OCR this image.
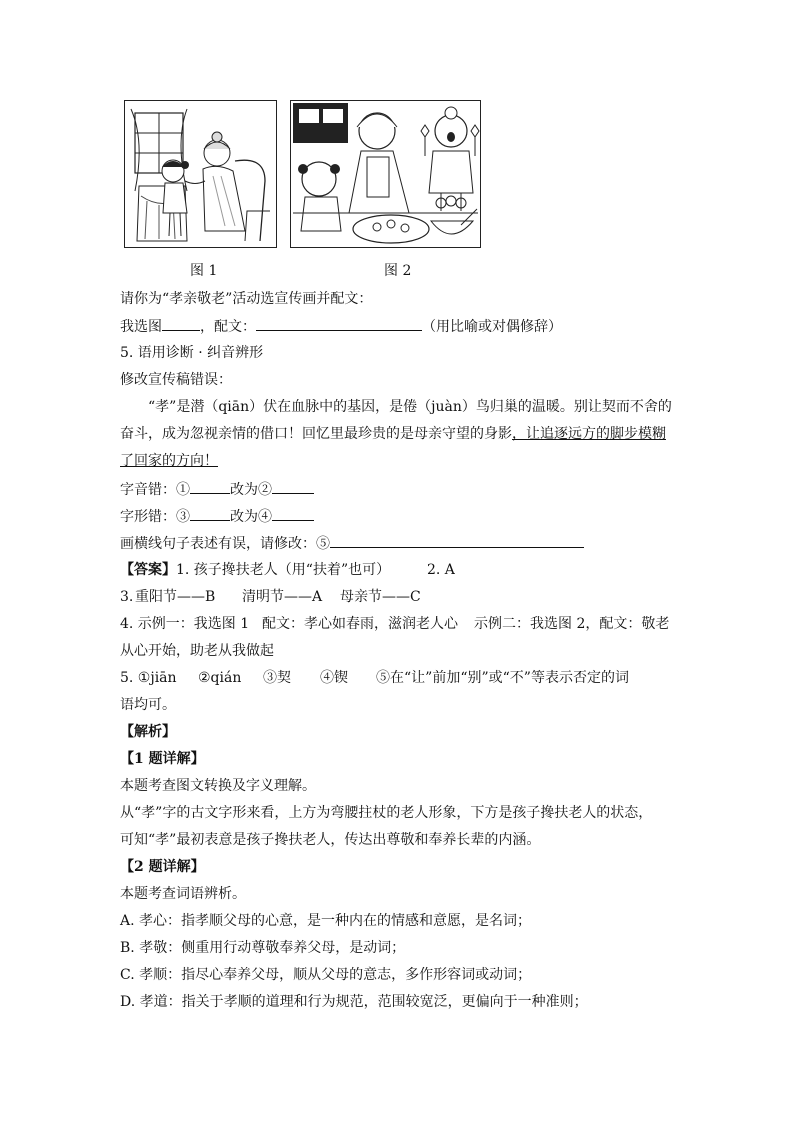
图 1	图 2
请你为“孝亲敬老”活动选宣传画并配文：
我选图	，配文：	（用比喻或对偶修辞）
5. 语用诊断 · 纠音辨形
修改宣传稿错误：
“孝”是潜（qiān）伏在血脉中的基因，是倦（juàn）鸟归巢的温暖。别让契而不舍的
奋斗，成为忽视亲情的借口！回忆里最珍贵的是母亲守望的身影，让追逐远方的脚步模糊
了回家的方向！
字音错：①	改为②
字形错：③	改为④
画横线句子表述有误，请修改：⑤
【答案】1. 孩子搀扶老人（用“扶着”也可）	2. A
3. 重阳节——B 清明节——A 母亲节——C
4. 示例一：我选图 1 配文：孝心如春雨，滋润老人心 示例二：我选图 2，配文：敬老
从心开始，助老从我做起
5. ①jiān ②qián ③契 ④锲 ⑤在“让”前加“别”或“不”等表示否定的词
语均可。
【解析】
【1 题详解】
本题考查图文转换及字义理解。
从“孝”字的古文字形来看，上方为弯腰拄杖的老人形象，下方是孩子搀扶老人的状态，
可知“孝”最初表意是孩子搀扶老人，传达出尊敬和奉养长辈的内涵。
【2 题详解】
本题考查词语辨析。
A. 孝心：指孝顺父母的心意，是一种内在的情感和意愿，是名词；
B. 孝敬：侧重用行动尊敬奉养父母，是动词；
C. 孝顺：指尽心奉养父母，顺从父母的意志，多作形容词或动词；
D. 孝道：指关于孝顺的道理和行为规范，范围较宽泛，更偏向于一种准则；
